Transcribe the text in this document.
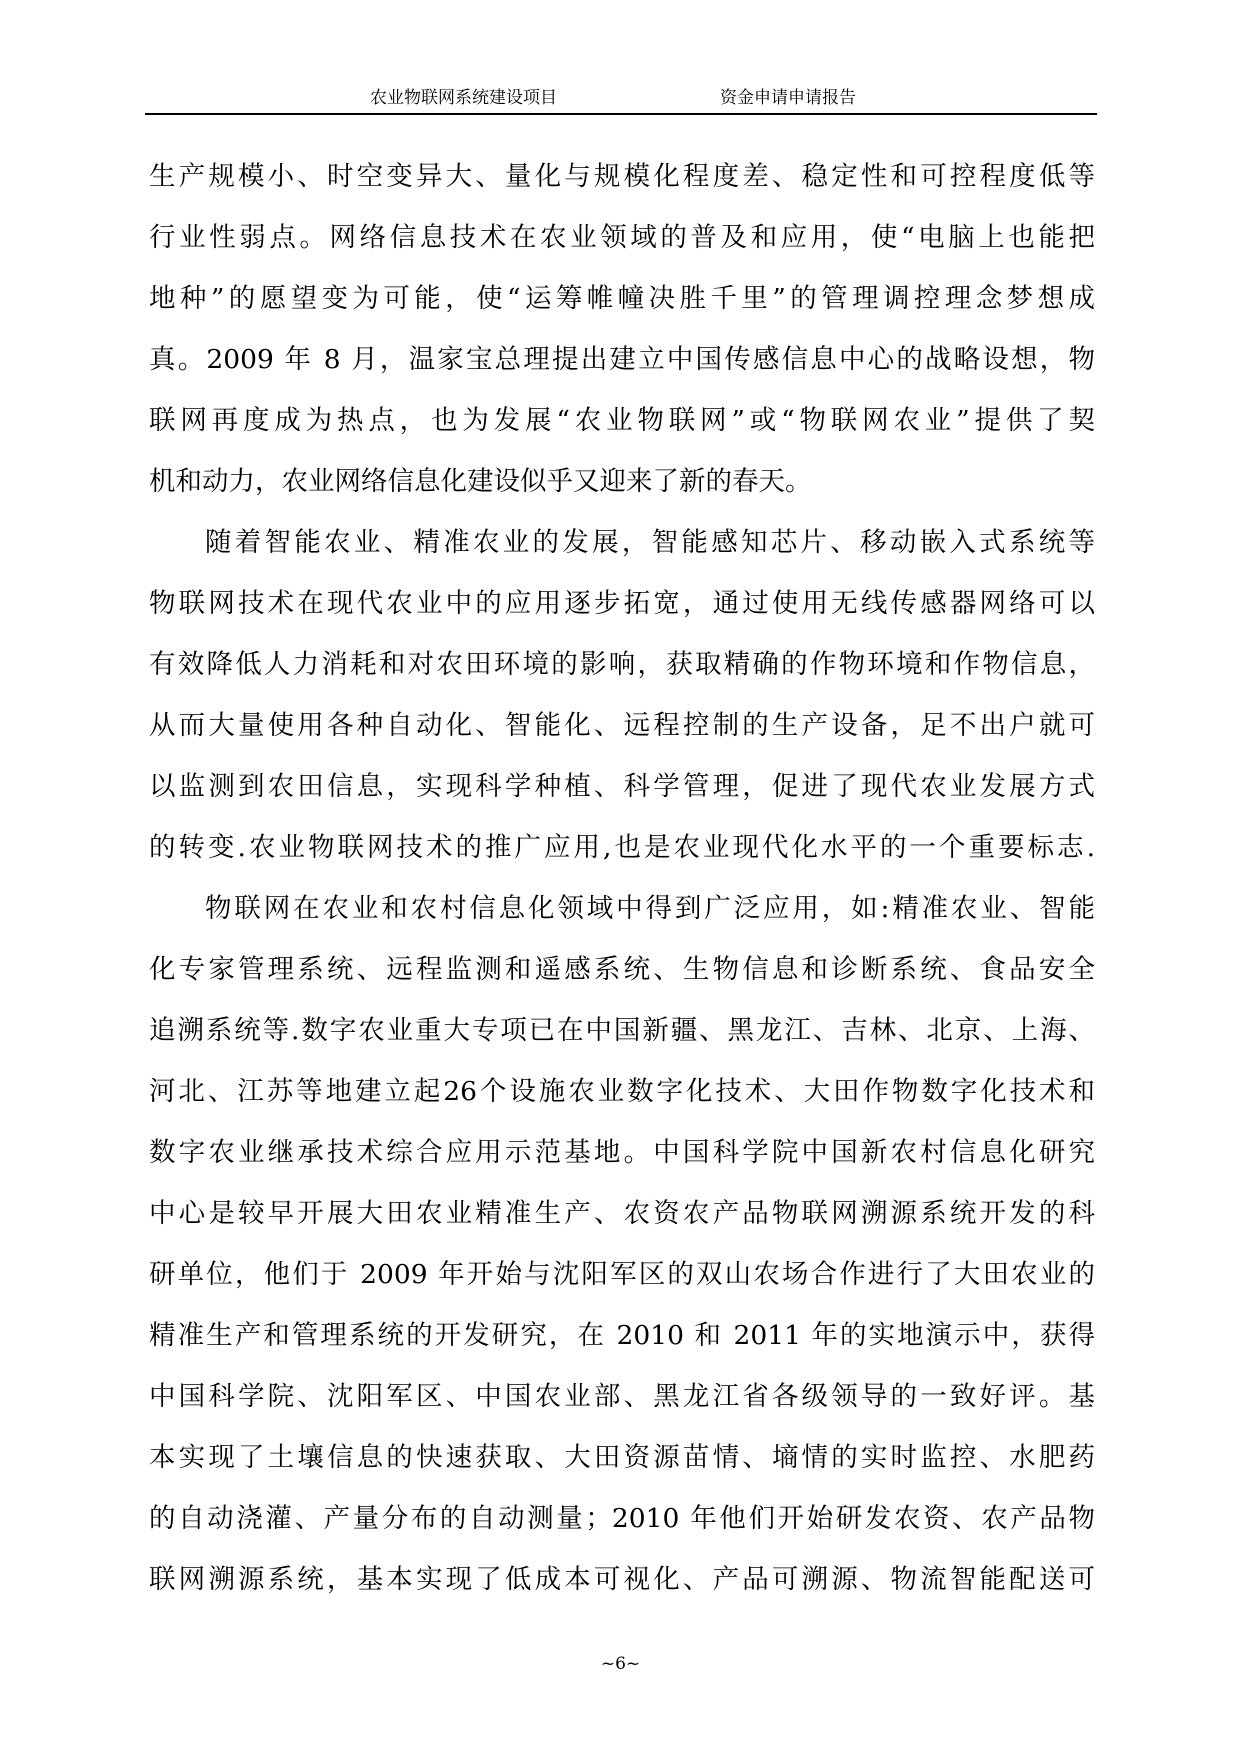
农业物联网系统建设项目	资金申请申请报告
生产规模小、时空变异大、量化与规模化程度差、稳定性和可控程度低等
行业性弱点。网络信息技术在农业领域的普及和应用，使“电脑上也能把
地种”的愿望变为可能，使“运筹帷幢决胜千里”的管理调控理念梦想成
真。2009 年 8 月，温家宝总理提出建立中国传感信息中心的战略设想，物
联网再度成为热点，也为发展“农业物联网”或“物联网农业”提供了契
机和动力，农业网络信息化建设似乎又迎来了新的春天。
随着智能农业、精准农业的发展，智能感知芯片、移动嵌入式系统等
物联网技术在现代农业中的应用逐步拓宽，通过使用无线传感器网络可以
有效降低人力消耗和对农田环境的影响，获取精确的作物环境和作物信息，
从而大量使用各种自动化、智能化、远程控制的生产设备，足不出户就可
以监测到农田信息，实现科学种植、科学管理，促进了现代农业发展方式
的转变.农业物联网技术的推广应用,也是农业现代化水平的一个重要标志.
物联网在农业和农村信息化领域中得到广泛应用，如:精准农业、智能
化专家管理系统、远程监测和遥感系统、生物信息和诊断系统、食品安全
追溯系统等.数字农业重大专项已在中国新疆、黑龙江、吉林、北京、上海、
河北、江苏等地建立起26个设施农业数字化技术、大田作物数字化技术和
数字农业继承技术综合应用示范基地。中国科学院中国新农村信息化研究
中心是较早开展大田农业精准生产、农资农产品物联网溯源系统开发的科
研单位，他们于 2009 年开始与沈阳军区的双山农场合作进行了大田农业的
精准生产和管理系统的开发研究，在 2010 和 2011 年的实地演示中，获得
中国科学院、沈阳军区、中国农业部、黑龙江省各级领导的一致好评。基
本实现了土壤信息的快速获取、大田资源苗情、墒情的实时监控、水肥药
的自动浇灌、产量分布的自动测量；2010 年他们开始研发农资、农产品物
联网溯源系统，基本实现了低成本可视化、产品可溯源、物流智能配送可
~6~
